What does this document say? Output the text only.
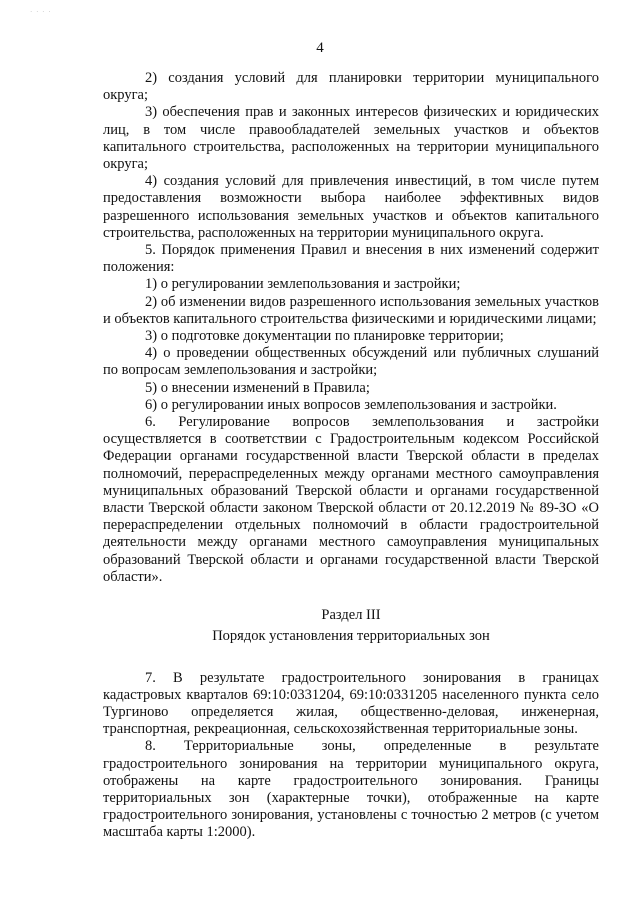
· · · ·
4

2) создания условий для планировки территории муниципального округа;

3) обеспечения прав и законных интересов физических и юридических лиц, в том числе правообладателей земельных участков и объектов капитального строительства, расположенных на территории муниципального округа;

4) создания условий для привлечения инвестиций, в том числе путем предоставления возможности выбора наиболее эффективных видов разрешенного использования земельных участков и объектов капитального строительства, расположенных на территории муниципального округа.

5. Порядок применения Правил и внесения в них изменений содержит положения:

1) о регулировании землепользования и застройки;

2) об изменении видов разрешенного использования земельных участков и объектов капитального строительства физическими и юридическими лицами;

3) о подготовке документации по планировке территории;

4) о проведении общественных обсуждений или публичных слушаний по вопросам землепользования и застройки;

5) о внесении изменений в Правила;

6) о регулировании иных вопросов землепользования и застройки.

6. Регулирование вопросов землепользования и застройки осуществляется в соответствии с Градостроительным кодексом Российской Федерации органами государственной власти Тверской области в пределах полномочий, перераспределенных между органами местного самоуправления муниципальных образований Тверской области и органами государственной власти Тверской области законом Тверской области от 20.12.2019 № 89-ЗО «О перераспределении отдельных полномочий в области градостроительной деятельности между органами местного самоуправления муниципальных образований Тверской области и органами государственной власти Тверской области».

Раздел III

Порядок установления территориальных зон

7. В результате градостроительного зонирования в границах кадастровых кварталов 69:10:0331204, 69:10:0331205 населенного пункта село Тургиново определяется жилая, общественно-деловая, инженерная, транспортная, рекреационная, сельскохозяйственная территориальные зоны.

8. Территориальные зоны, определенные в результате градостроительного зонирования на территории муниципального округа, отображены на карте градостроительного зонирования. Границы территориальных зон (характерные точки), отображенные на карте градостроительного зонирования, установлены с точностью 2 метров (с учетом масштаба карты 1:2000).
